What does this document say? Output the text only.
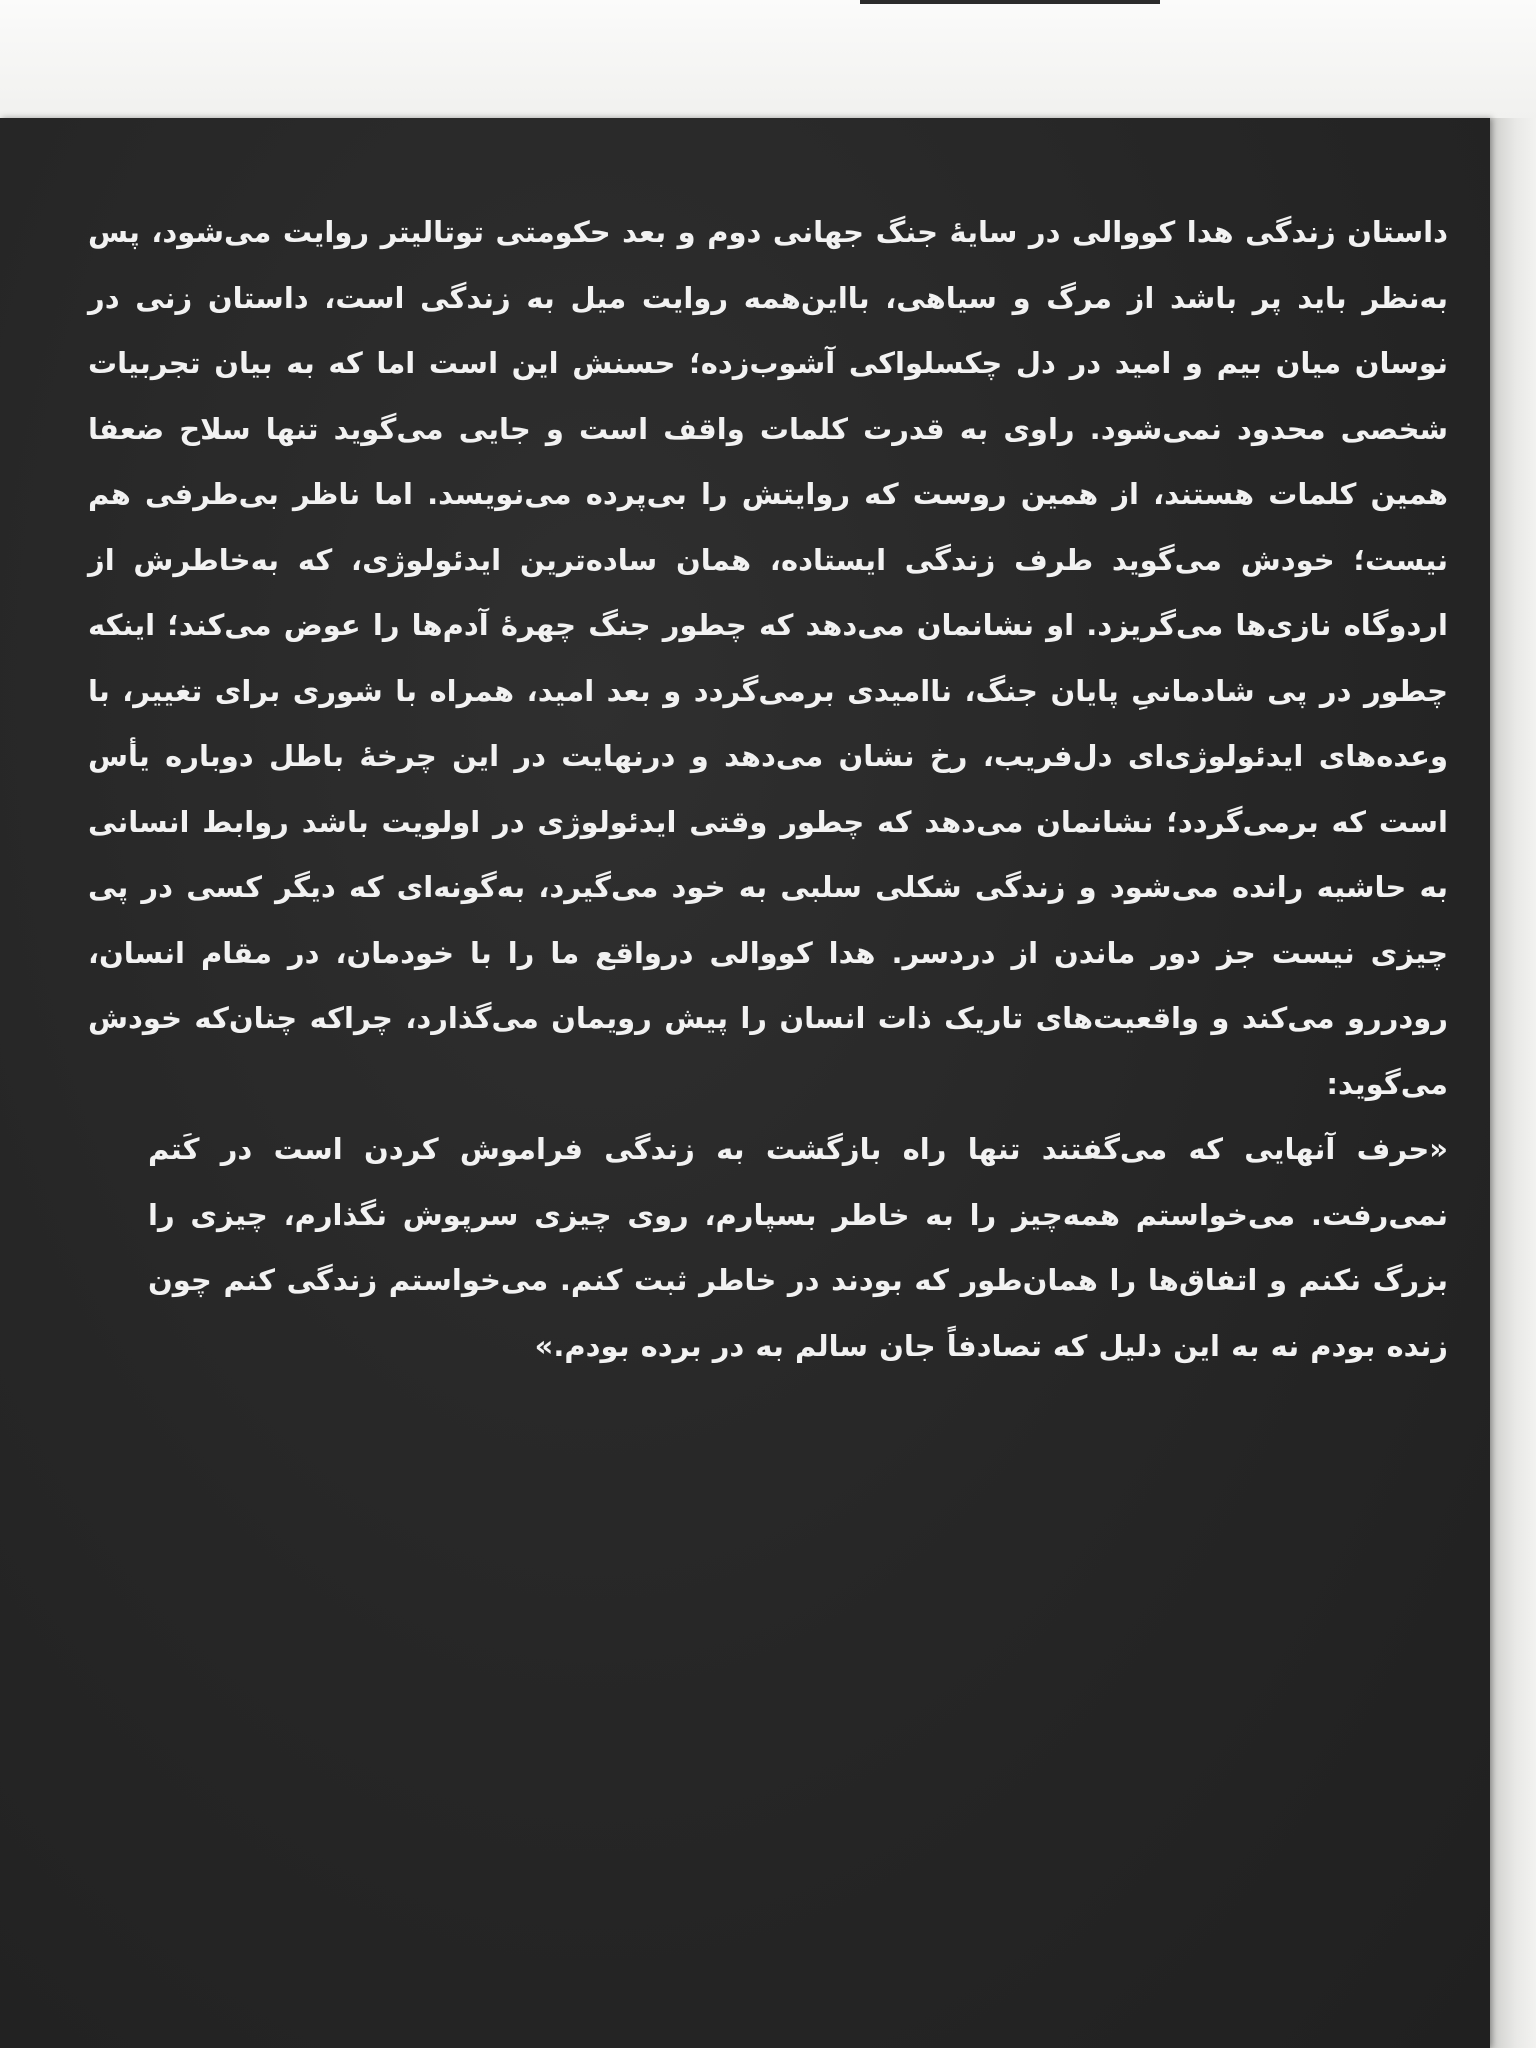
داستان زندگی هدا کووالی در سایهٔ جنگ جهانی دوم و بعد حکومتی توتالیتر روایت می‌شود، پس به‌نظر باید پر باشد از مرگ و سیاهی، بااین‌همه روایت میل به زندگی است، داستان زنی در نوسان میان بیم و امید در دل چکسلواکی آشوب‌زده؛ حسنش این است اما که به بیان تجربیات شخصی محدود نمی‌شود. راوی به قدرت کلمات واقف است و جایی می‌گوید تنها سلاح ضعفا همین کلمات هستند، از همین روست که روایتش را بی‌پرده می‌نویسد. اما ناظر بی‌طرفی هم نیست؛ خودش می‌گوید طرف زندگی ایستاده، همان ساده‌ترین ایدئولوژی، که به‌خاطرش از اردوگاه نازی‌ها می‌گریزد. او نشانمان می‌دهد که چطور جنگ چهرهٔ آدم‌ها را عوض می‌کند؛ اینکه چطور در پی شادمانیِ پایان جنگ، ناامیدی برمی‌گردد و بعد امید، همراه با شوری برای تغییر، با وعده‌های ایدئولوژی‌ای دل‌فریب، رخ نشان می‌دهد و درنهایت در این چرخهٔ باطل دوباره یأس است که برمی‌گردد؛ نشانمان می‌دهد که چطور وقتی ایدئولوژی در اولویت باشد روابط انسانی به حاشیه رانده می‌شود و زندگی شکلی سلبی به خود می‌گیرد، به‌گونه‌ای که دیگر کسی در پی چیزی نیست جز دور ماندن از دردسر. هدا کووالی درواقع ما را با خودمان، در مقام انسان، رودررو می‌کند و واقعیت‌های تاریک ذات انسان را پیش رویمان می‌گذارد، چراکه چنان‌که خودش می‌گوید:
«حرف آنهایی که می‌گفتند تنها راه بازگشت به زندگی فراموش کردن است در کَتم نمی‌رفت. می‌خواستم همه‌چیز را به خاطر بسپارم، روی چیزی سرپوش نگذارم، چیزی را بزرگ نکنم و اتفاق‌ها را همان‌طور که بودند در خاطر ثبت کنم. می‌خواستم زندگی کنم چون زنده بودم نه به این دلیل که تصادفاً جان سالم به در برده بودم.»
